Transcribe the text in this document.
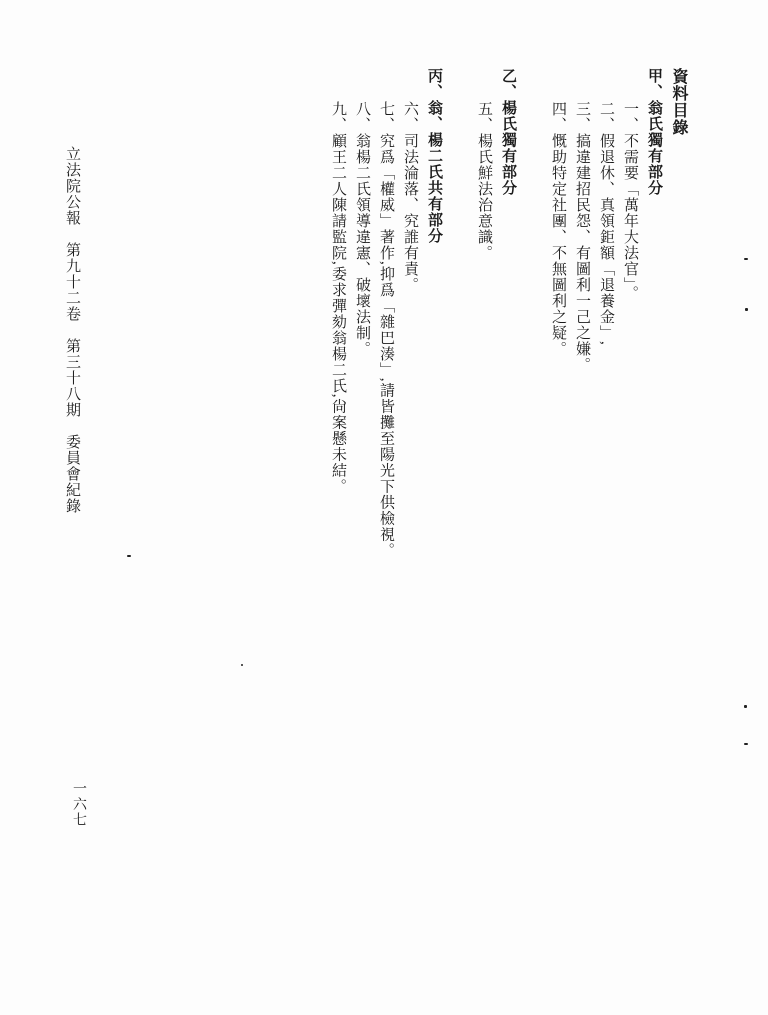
資料目錄
甲、翁氏獨有部分
一、不需要「萬年大法官」。
二、假退休、真領鉅額「退養金」,
三、搞違建招民怨、有圖利一己之嫌。
四、慨助特定社團、不無圖利之疑。
乙、楊氏獨有部分
五、楊氏鮮法治意識。
丙、翁、楊二氏共有部分
六、司法淪落、究誰有責。
七、究爲「權威」著作,抑爲「雜巴湊」,請皆攤至陽光下供檢視。
八、翁楊二氏領導違憲、破壞法制。
九、顧王二人陳請監院,委求彈劾翁楊二氏,尙案懸未結。
立法院公報　第九十二卷　第三十八期　委員會紀錄
一六七
